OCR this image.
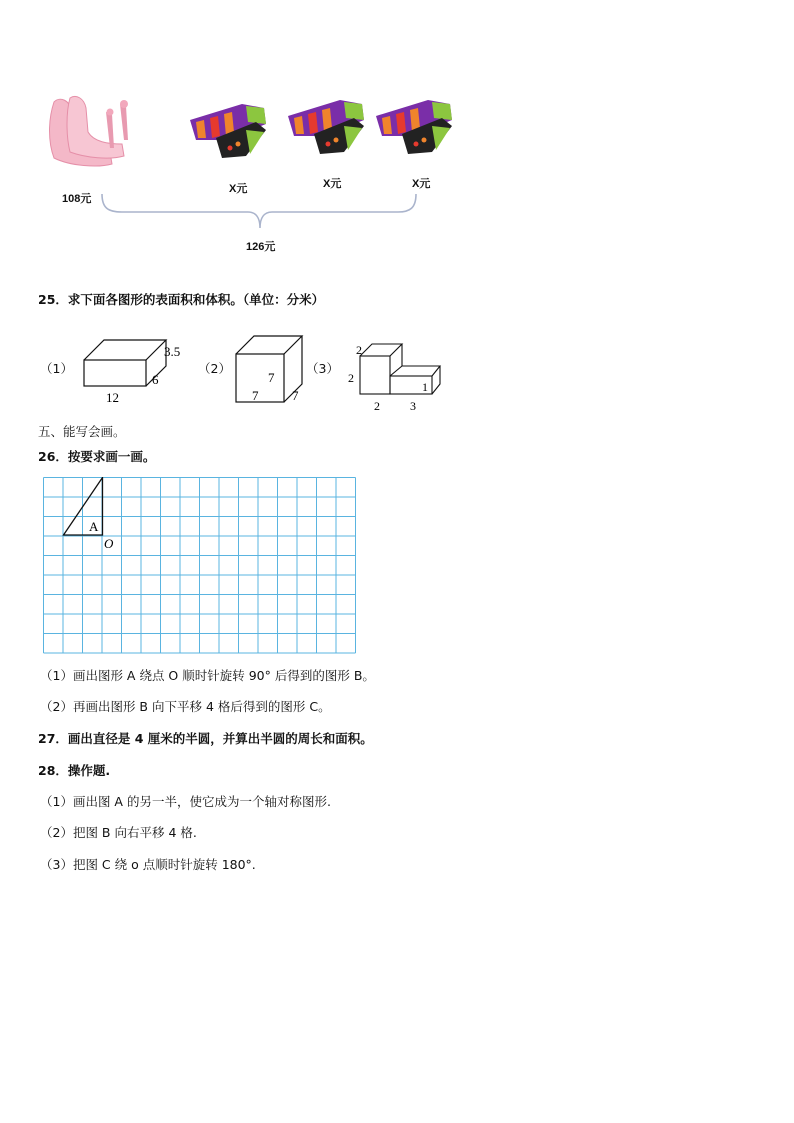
108元
X元	X元	X元
126元
25．求下面各图形的表面积和体积。（单位：分米）
（1）
3.5
6
12
（2）
7
7	7
（3）
2
2
1
2	3
五、能写会画。
26．按要求画一画。
A
O
（1）画出图形 A 绕点 O 顺时针旋转 90° 后得到的图形 B。
（2）再画出图形 B 向下平移 4 格后得到的图形 C。
27．画出直径是 4 厘米的半圆，并算出半圆的周长和面积。
28．操作题.
（1）画出图 A 的另一半，使它成为一个轴对称图形.
（2）把图 B 向右平移 4 格.
（3）把图 C 绕 o 点顺时针旋转 180°.
